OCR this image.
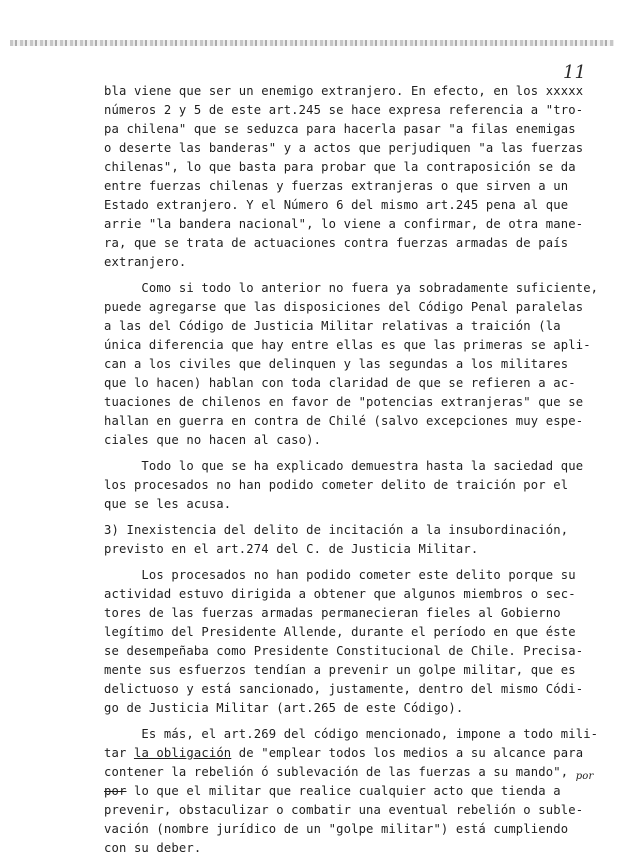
11
bla viene que ser un enemigo extranjero. En efecto, en los xxxxx
números 2 y 5 de este art.245 se hace expresa referencia a "tro-
pa chilena" que se seduzca para hacerla pasar "a filas enemigas
o deserte las banderas" y a actos que perjudiquen "a las fuerzas
chilenas", lo que basta para probar que la contraposición se da
entre fuerzas chilenas y fuerzas extranjeras o que sirven a un
Estado extranjero. Y el Número 6 del mismo art.245 pena al que
arrie "la bandera nacional", lo viene a confirmar, de otra mane-
ra, que se trata de actuaciones contra fuerzas armadas de país
extranjero.
Como si todo lo anterior no fuera ya sobradamente suficiente,
puede agregarse que las disposiciones del Código Penal paralelas
a las del Código de Justicia Militar relativas a traición (la
única diferencia que hay entre ellas es que las primeras se apli-
can a los civiles que delinquen y las segundas a los militares
que lo hacen) hablan con toda claridad de que se refieren a ac-
tuaciones de chilenos en favor de "potencias extranjeras" que se
hallan en guerra en contra de Chilé (salvo excepciones muy espe-
ciales que no hacen al caso).
Todo lo que se ha explicado demuestra hasta la saciedad que
los procesados no han podido cometer delito de traición por el
que se les acusa.
3) Inexistencia del delito de incitación a la insubordinación,
previsto en el art.274 del C. de Justicia Militar.
Los procesados no han podido cometer este delito porque su
actividad estuvo dirigida a obtener que algunos miembros o sec-
tores de las fuerzas armadas permanecieran fieles al Gobierno
legítimo del Presidente Allende, durante el período en que éste
se desempeñaba como Presidente Constitucional de Chile. Precisa-
mente sus esfuerzos tendían a prevenir un golpe militar, que es
delictuoso y está sancionado, justamente, dentro del mismo Códi-
go de Justicia Militar (art.265 de este Código).
Es más, el art.269 del código mencionado, impone a todo mili-
tar la obligación de "emplear todos los medios a su alcance para
contener la rebelión ó sublevación de las fuerzas a su mando", $_{por}$
por lo que el militar que realice cualquier acto que tienda a
prevenir, obstaculizar o combatir una eventual rebelión o suble-
vación (nombre jurídico de un "golpe militar") está cumpliendo
con su deber.
